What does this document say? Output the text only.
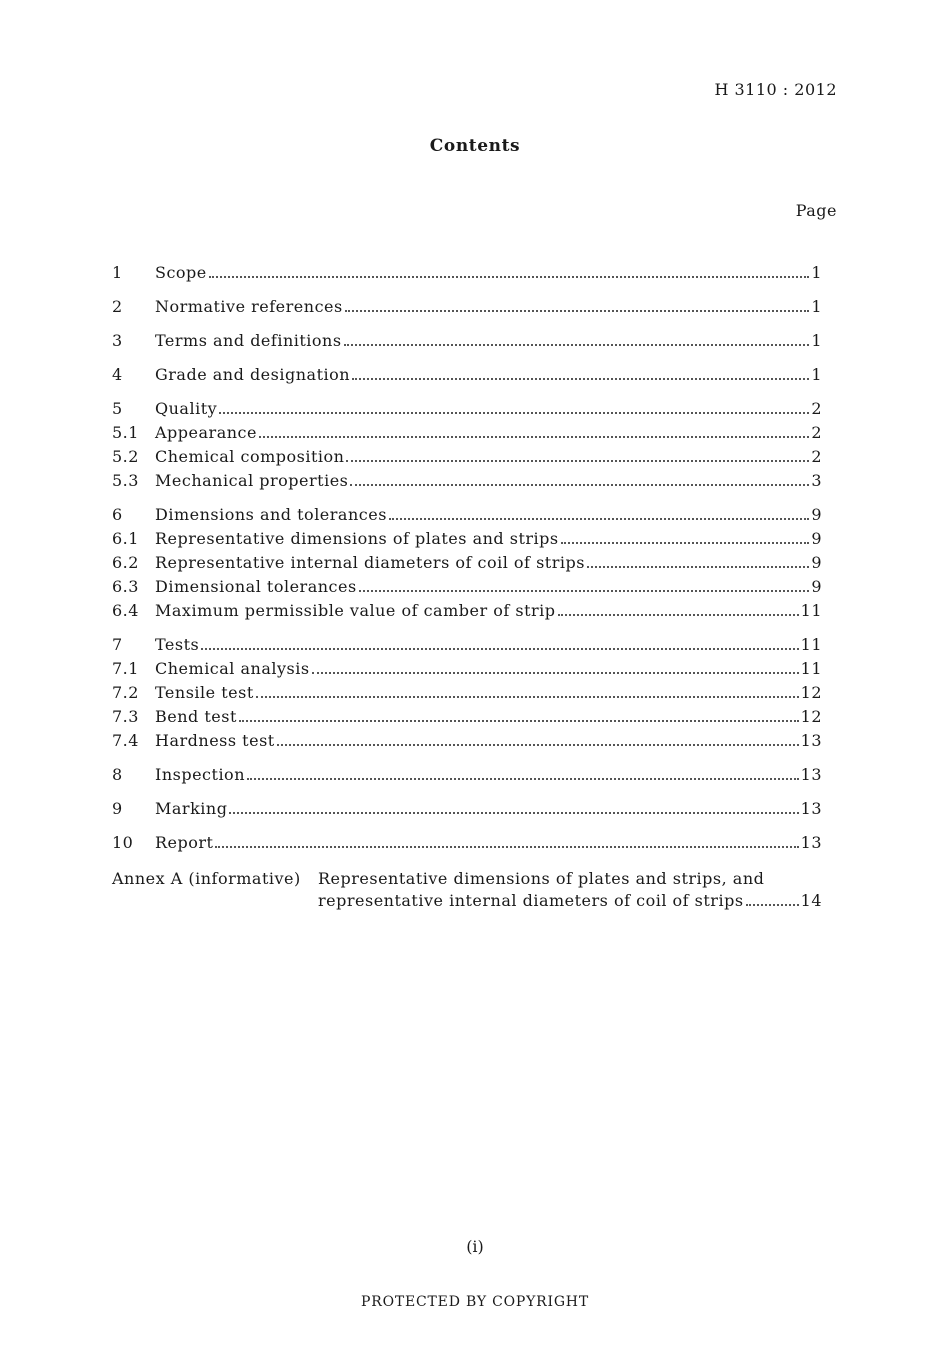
H 3110 : 2012
Contents
Page
1	Scope	1
2	Normative references	1
3	Terms and definitions	1
4	Grade and designation	1
5	Quality	2
5.1	Appearance	2
5.2	Chemical composition	2
5.3	Mechanical properties	3
6	Dimensions and tolerances	9
6.1	Representative dimensions of plates and strips	9
6.2	Representative internal diameters of coil of strips	9
6.3	Dimensional tolerances	9
6.4	Maximum permissible value of camber of strip	11
7	Tests	11
7.1	Chemical analysis	11
7.2	Tensile test	12
7.3	Bend test	12
7.4	Hardness test	13
8	Inspection	13
9	Marking	13
10	Report	13
Annex A (informative)	Representative dimensions of plates and strips, and
representative internal diameters of coil of strips	14
(i)
PROTECTED BY COPYRIGHT
